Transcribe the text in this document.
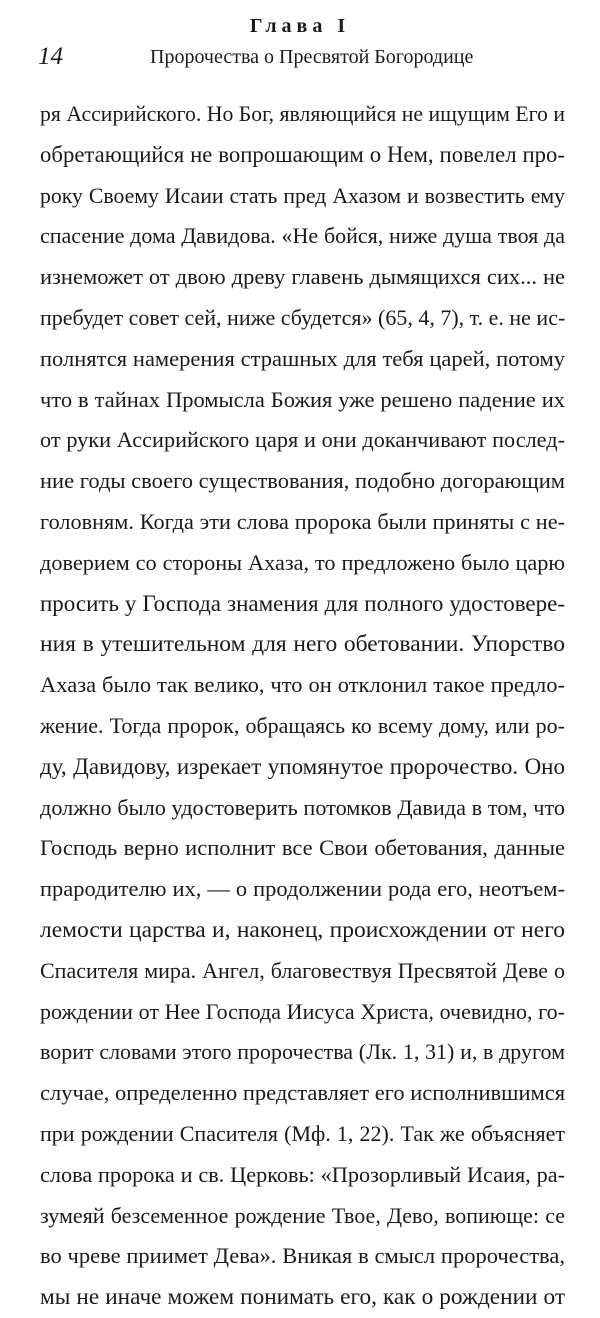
Глава I
14	Пророчества о Пресвятой Богородице
ря Ассирийского. Но Бог, являющийся не ищущим Его и
обретающийся не вопрошающим о Нем, повелел про-
року Своему Исаии стать пред Ахазом и возвестить ему
спасение дома Давидова. «Не бойся, ниже душа твоя да
изнеможет от двою древу главень дымящихся сих... не
пребудет совет сей, ниже сбудется» (65, 4, 7), т. е. не ис-
полнятся намерения страшных для тебя царей, потому
что в тайнах Промысла Божия уже решено падение их
от руки Ассирийского царя и они доканчивают послед-
ние годы своего существования, подобно догорающим
головням. Когда эти слова пророка были приняты с не-
доверием со стороны Ахаза, то предложено было царю
просить у Господа знамения для полного удостовере-
ния в утешительном для него обетовании. Упорство
Ахаза было так велико, что он отклонил такое предло-
жение. Тогда пророк, обращаясь ко всему дому, или ро-
ду, Давидову, изрекает упомянутое пророчество. Оно
должно было удостоверить потомков Давида в том, что
Господь верно исполнит все Свои обетования, данные
прародителю их, — о продолжении рода его, неотъем-
лемости царства и, наконец, происхождении от него
Спасителя мира. Ангел, благовествуя Пресвятой Деве о
рождении от Нее Господа Иисуса Христа, очевидно, го-
ворит словами этого пророчества (Лк. 1, 31) и, в другом
случае, определенно представляет его исполнившимся
при рождении Спасителя (Мф. 1, 22). Так же объясняет
слова пророка и св. Церковь: «Прозорливый Исаия, ра-
зумеяй безсеменное рождение Твое, Дево, вопиюще: се
во чреве приимет Дева». Вникая в смысл пророчества,
мы не иначе можем понимать его, как о рождении от
